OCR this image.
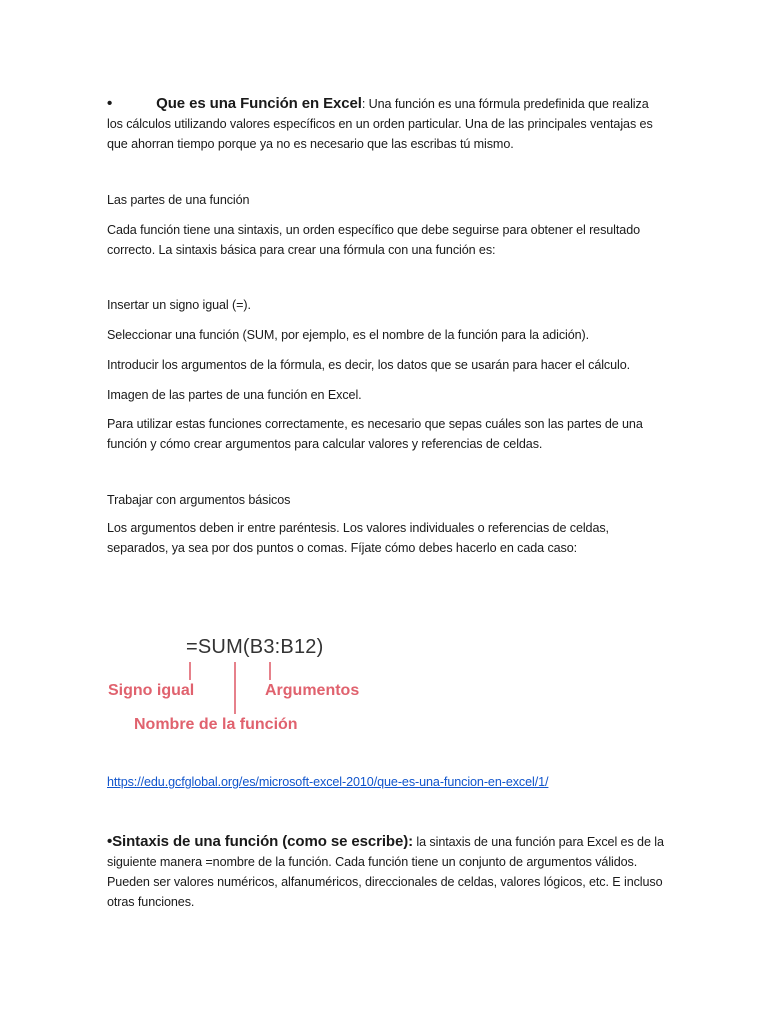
•	Que es una Función en Excel: Una función es una fórmula predefinida que realiza los cálculos utilizando valores específicos en un orden particular. Una de las principales ventajas es que ahorran tiempo porque ya no es necesario que las escribas tú mismo.
Las partes de una función
Cada función tiene una sintaxis, un orden específico que debe seguirse para obtener el resultado correcto. La sintaxis básica para crear una fórmula con una función es:
Insertar un signo igual (=).
Seleccionar una función (SUM, por ejemplo, es el nombre de la función para la adición).
Introducir los argumentos de la fórmula, es decir, los datos que se usarán para hacer el cálculo.
Imagen de las partes de una función en Excel.
Para utilizar estas funciones correctamente, es necesario que sepas cuáles son las partes de una función y cómo crear argumentos para calcular valores y referencias de celdas.
Trabajar con argumentos básicos
Los argumentos deben ir entre paréntesis. Los valores individuales o referencias de celdas, separados, ya sea por dos puntos o comas. Fíjate cómo debes hacerlo en cada caso:
=SUM(B3:B12)
Signo igual	Argumentos
Nombre de la función
https://edu.gcfglobal.org/es/microsoft-excel-2010/que-es-una-funcion-en-excel/1/
•Sintaxis de una función (como se escribe): la sintaxis de una función para Excel es de la siguiente manera =nombre de la función. Cada función tiene un conjunto de argumentos válidos. Pueden ser valores numéricos, alfanuméricos, direccionales de celdas, valores lógicos, etc. E incluso otras funciones.
